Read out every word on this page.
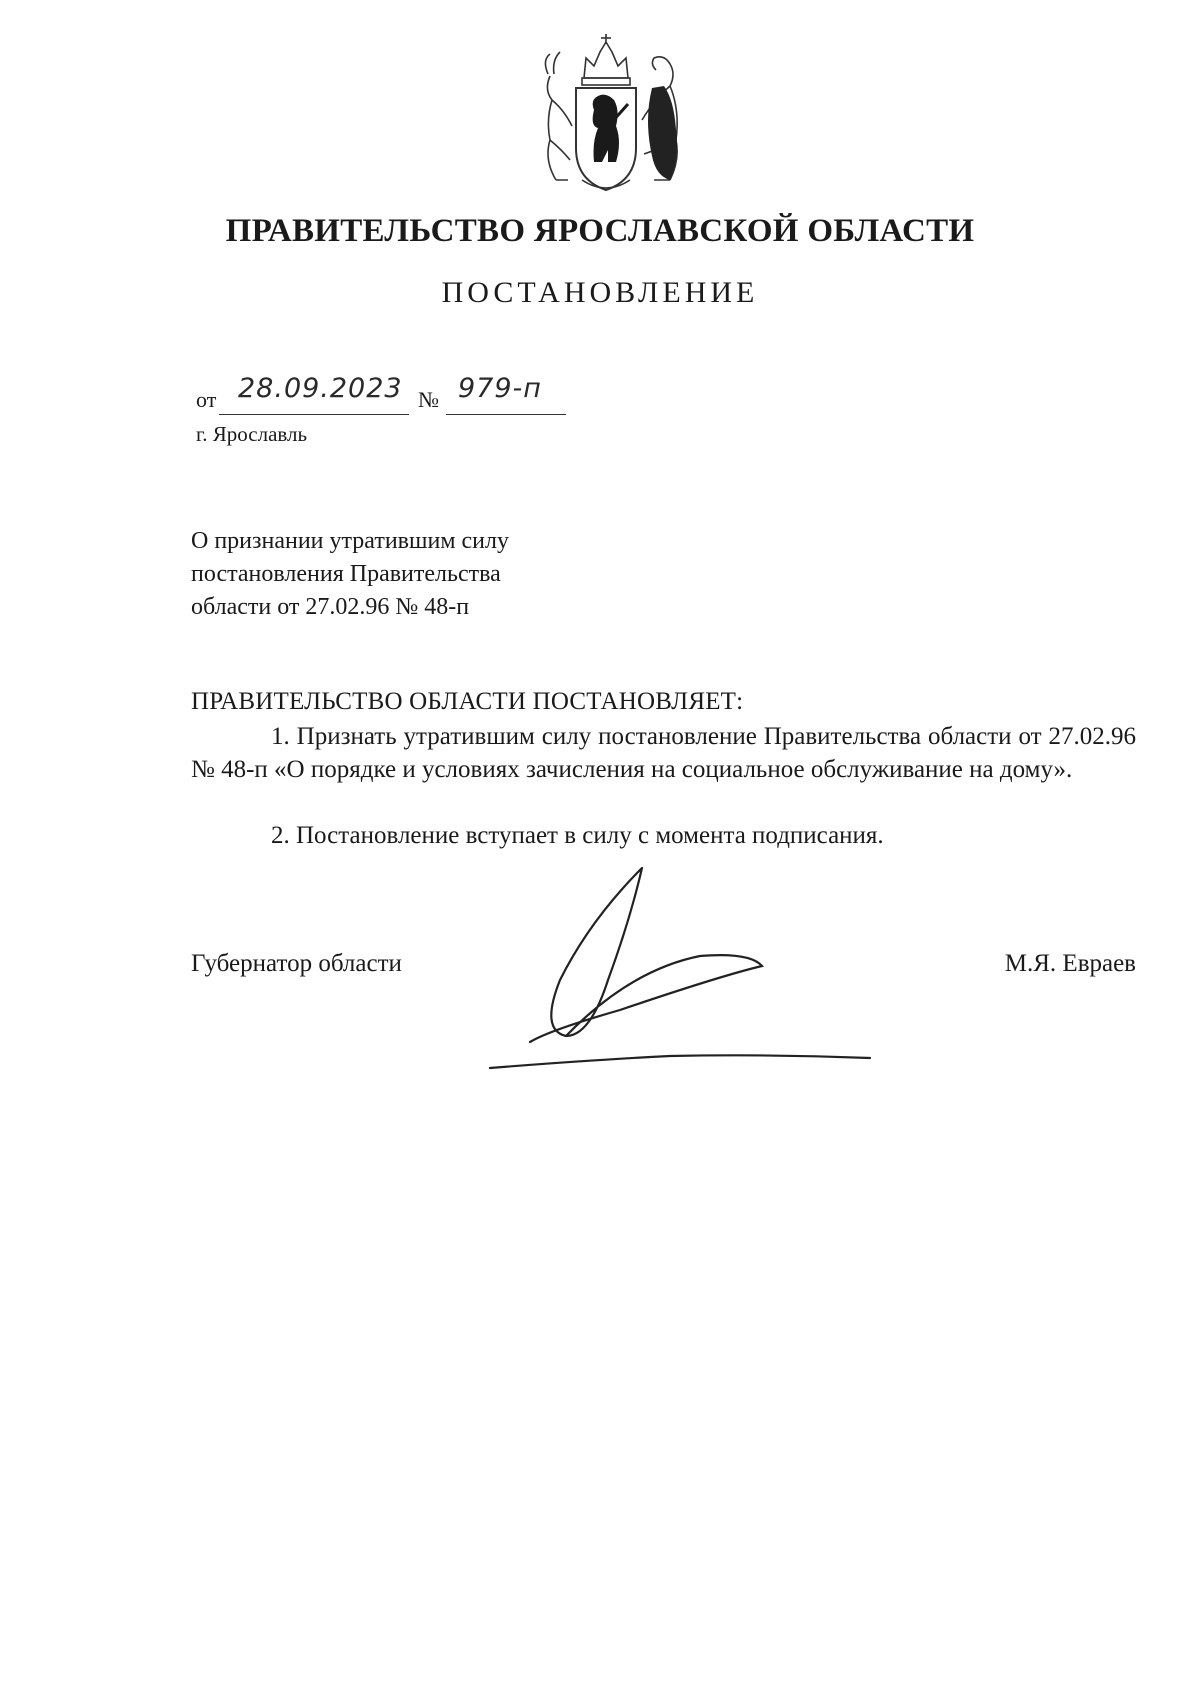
ПРАВИТЕЛЬСТВО ЯРОСЛАВСКОЙ ОБЛАСТИ
ПОСТАНОВЛЕНИЕ
от 28.09.2023 № 979-п
г. Ярославль
О признании утратившим силу
постановления Правительства
области от 27.02.96 № 48-п
ПРАВИТЕЛЬСТВО ОБЛАСТИ ПОСТАНОВЛЯЕТ:
1. Признать утратившим силу постановление Правительства области от 27.02.96 № 48-п «О порядке и условиях зачисления на социальное обслуживание на дому».
2. Постановление вступает в силу с момента подписания.
Губернатор области	М.Я. Евраев
